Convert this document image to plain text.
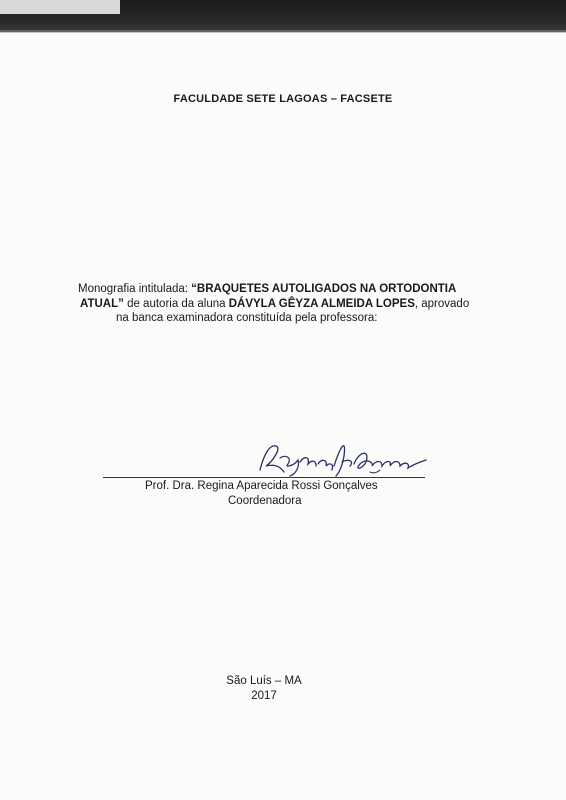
FACULDADE SETE LAGOAS – FACSETE
Monografia intitulada: “BRAQUETES AUTOLIGADOS NA ORTODONTIA
ATUAL” de autoria da aluna DÁVYLA GÊYZA ALMEIDA LOPES, aprovado
na banca examinadora constituída pela professora:
Prof. Dra. Regina Aparecida Rossi Gonçalves
Coordenadora
São Luís – MA
2017
